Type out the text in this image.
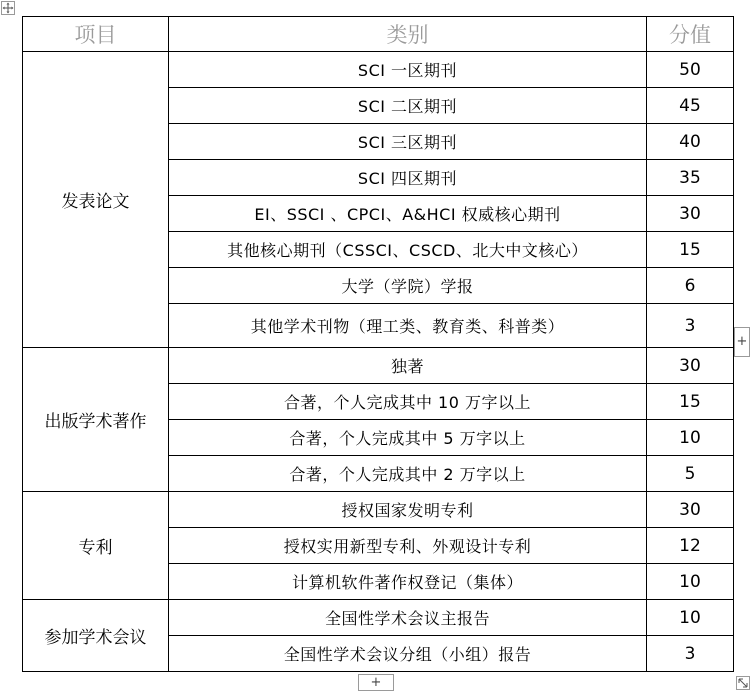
项目	类别	分值
发表论文	SCI 一区期刊	50
	SCI 二区期刊	45
	SCI 三区期刊	40
	SCI 四区期刊	35
	EI、SSCI 、CPCI、A&HCI 权威核心期刊	30
	其他核心期刊（CSSCI、CSCD、北大中文核心）	15
	大学（学院）学报	6
	其他学术刊物（理工类、教育类、科普类）	3
出版学术著作	独著	30
	合著，个人完成其中 10 万字以上	15
	合著，个人完成其中 5 万字以上	10
	合著，个人完成其中 2 万字以上	5
专利	授权国家发明专利	30
	授权实用新型专利、外观设计专利	12
	计算机软件著作权登记（集体）	10
参加学术会议	全国性学术会议主报告	10
	全国性学术会议分组（小组）报告	3
+
+
